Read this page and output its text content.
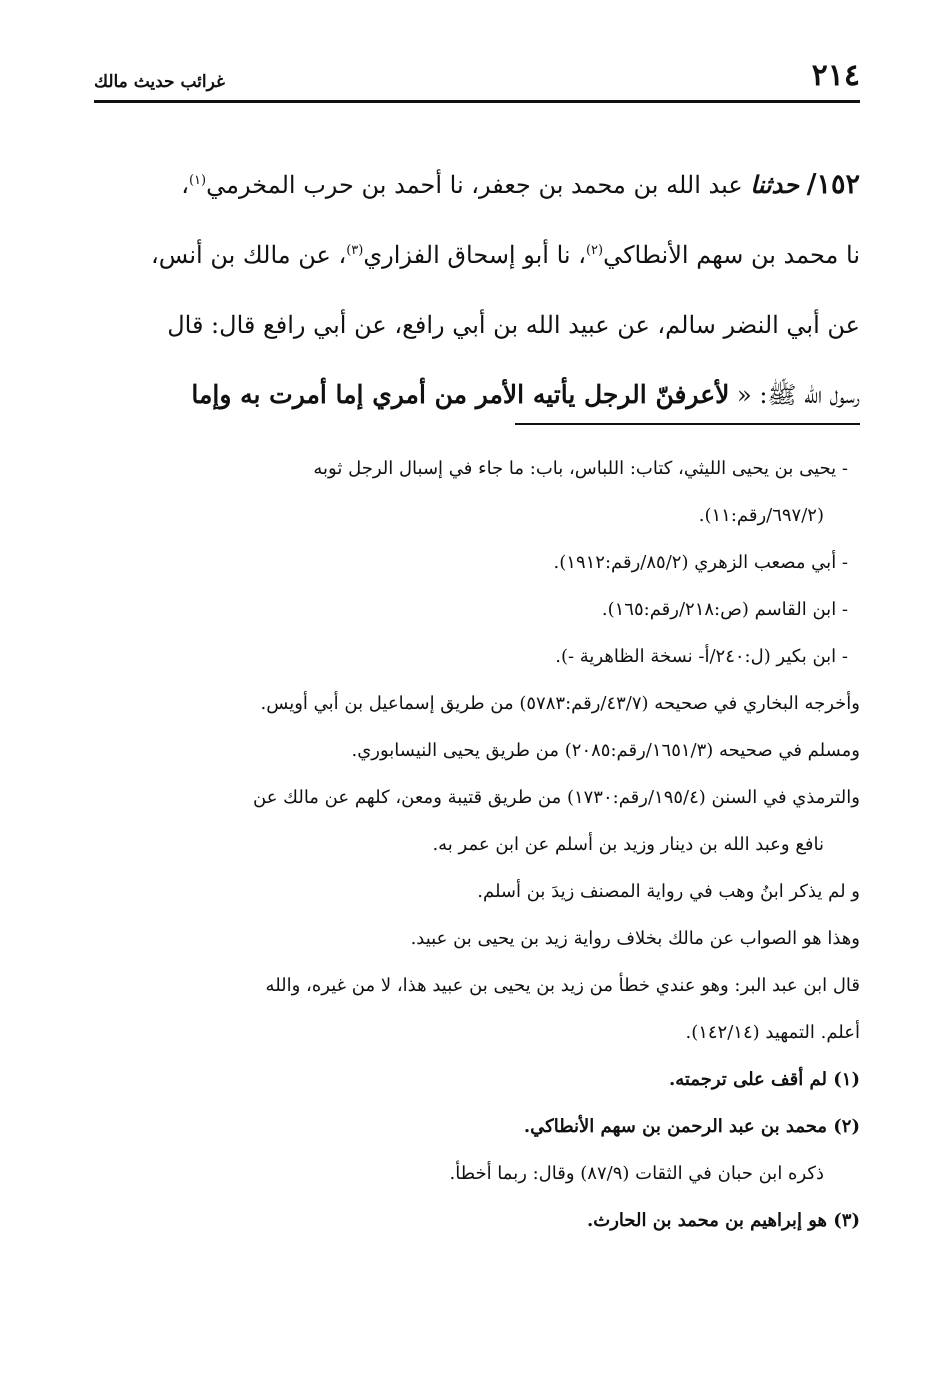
٢١٤
غرائب حديث مالك

١٥٢/ حدثنا عبد الله بن محمد بن جعفر، نا أحمد بن حرب المخرمي$^{(١)}$،

نا محمد بن سهم الأنطاكي$^{(٢)}$، نا أبو إسحاق الفزاري$^{(٣)}$، عن مالك بن أنس،

عن أبي النضر سالم، عن عبيد الله بن أبي رافع، عن أبي رافع قال: قال

رسول الله ﷺ: « لأعرفنّ الرجل يأتيه الأمر من أمري إما أمرت به وإما

- يحيى بن يحيى الليثي، كتاب: اللباس، باب: ما جاء في إسبال الرجل ثوبه

(٦٩٧/٢/رقم:١١).

- أبي مصعب الزهري (٨٥/٢/رقم:١٩١٢).

- ابن القاسم (ص:٢١٨/رقم:١٦٥).

- ابن بكير (ل:٢٤٠/أ- نسخة الظاهرية -).

وأخرجه البخاري في صحيحه (٤٣/٧/رقم:٥٧٨٣) من طريق إسماعيل بن أبي أويس.

ومسلم في صحيحه (١٦٥١/٣/رقم:٢٠٨٥) من طريق يحيى النيسابوري.

والترمذي في السنن (١٩٥/٤/رقم:١٧٣٠) من طريق قتيبة ومعن، كلهم عن مالك عن

نافع وعبد الله بن دينار وزيد بن أسلم عن ابن عمر به.

و لم يذكر ابنُ وهب في رواية المصنف زيدَ بن أسلم.

وهذا هو الصواب عن مالك بخلاف رواية زيد بن يحيى بن عبيد.

قال ابن عبد البر: وهو عندي خطأ من زيد بن يحيى بن عبيد هذا، لا من غيره، والله

أعلم. التمهيد (١٤٢/١٤).

(١) لم أقف على ترجمته.

(٢) محمد بن عبد الرحمن بن سهم الأنطاكي.

ذكره ابن حبان في الثقات (٨٧/٩) وقال: ربما أخطأ.

(٣) هو إبراهيم بن محمد بن الحارث.
